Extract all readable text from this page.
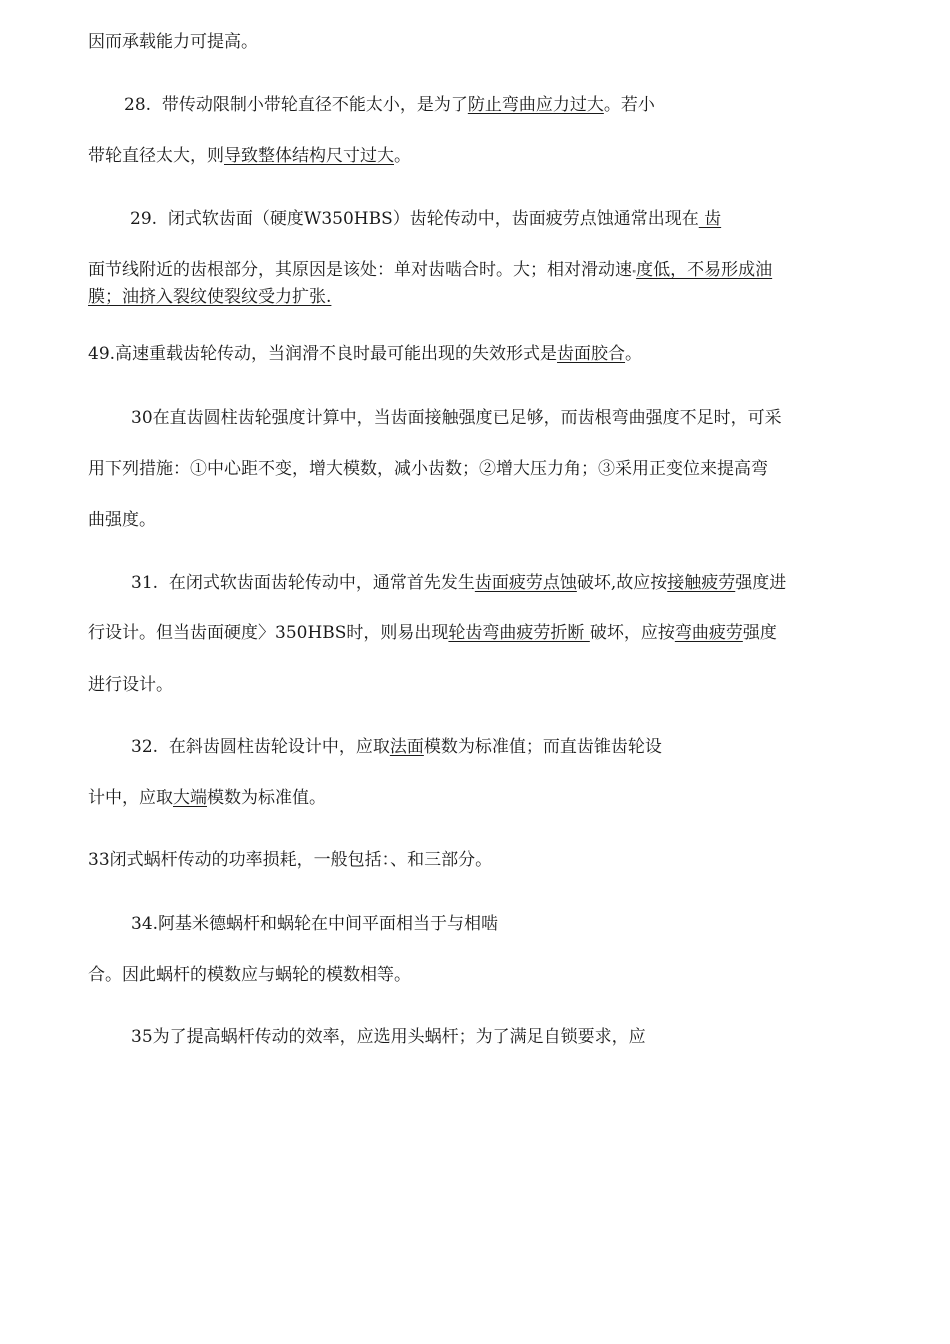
因而承载能力可提高。
28.  带传动限制小带轮直径不能太小，是为了防止弯曲应力过大。若小
带轮直径太大，则导致整体结构尺寸过大。
29.  闭式软齿面（硬度W350HBS）齿轮传动中，齿面疲劳点蚀通常出现在 齿
面节线附近的齿根部分，其原因是该处：单对齿啮合时。大；相对滑动速"度低，不易形成油
膜；油挤入裂纹使裂纹受力扩张.
49.高速重载齿轮传动，当润滑不良时最可能出现的失效形式是齿面胶合。
30在直齿圆柱齿轮强度计算中，当齿面接触强度已足够，而齿根弯曲强度不足时，可采
用下列措施：①中心距不变，增大模数，减小齿数；②增大压力角；③采用正变位来提高弯
曲强度。
31.  在闭式软齿面齿轮传动中，通常首先发生齿面疲劳点蚀破坏,故应按接触疲劳强度进
行设计。但当齿面硬度〉350HBS时，则易出现轮齿弯曲疲劳折断 破坏，应按弯曲疲劳强度
进行设计。
32.  在斜齿圆柱齿轮设计中，应取法面模数为标准值；而直齿锥齿轮设
计中，应取大端模数为标准值。
33闭式蜗杆传动的功率损耗，一般包括：、和三部分。
34.阿基米德蜗杆和蜗轮在中间平面相当于与相啮
合。因此蜗杆的模数应与蜗轮的模数相等。
35为了提高蜗杆传动的效率，应选用头蜗杆；为了满足自锁要求，应
